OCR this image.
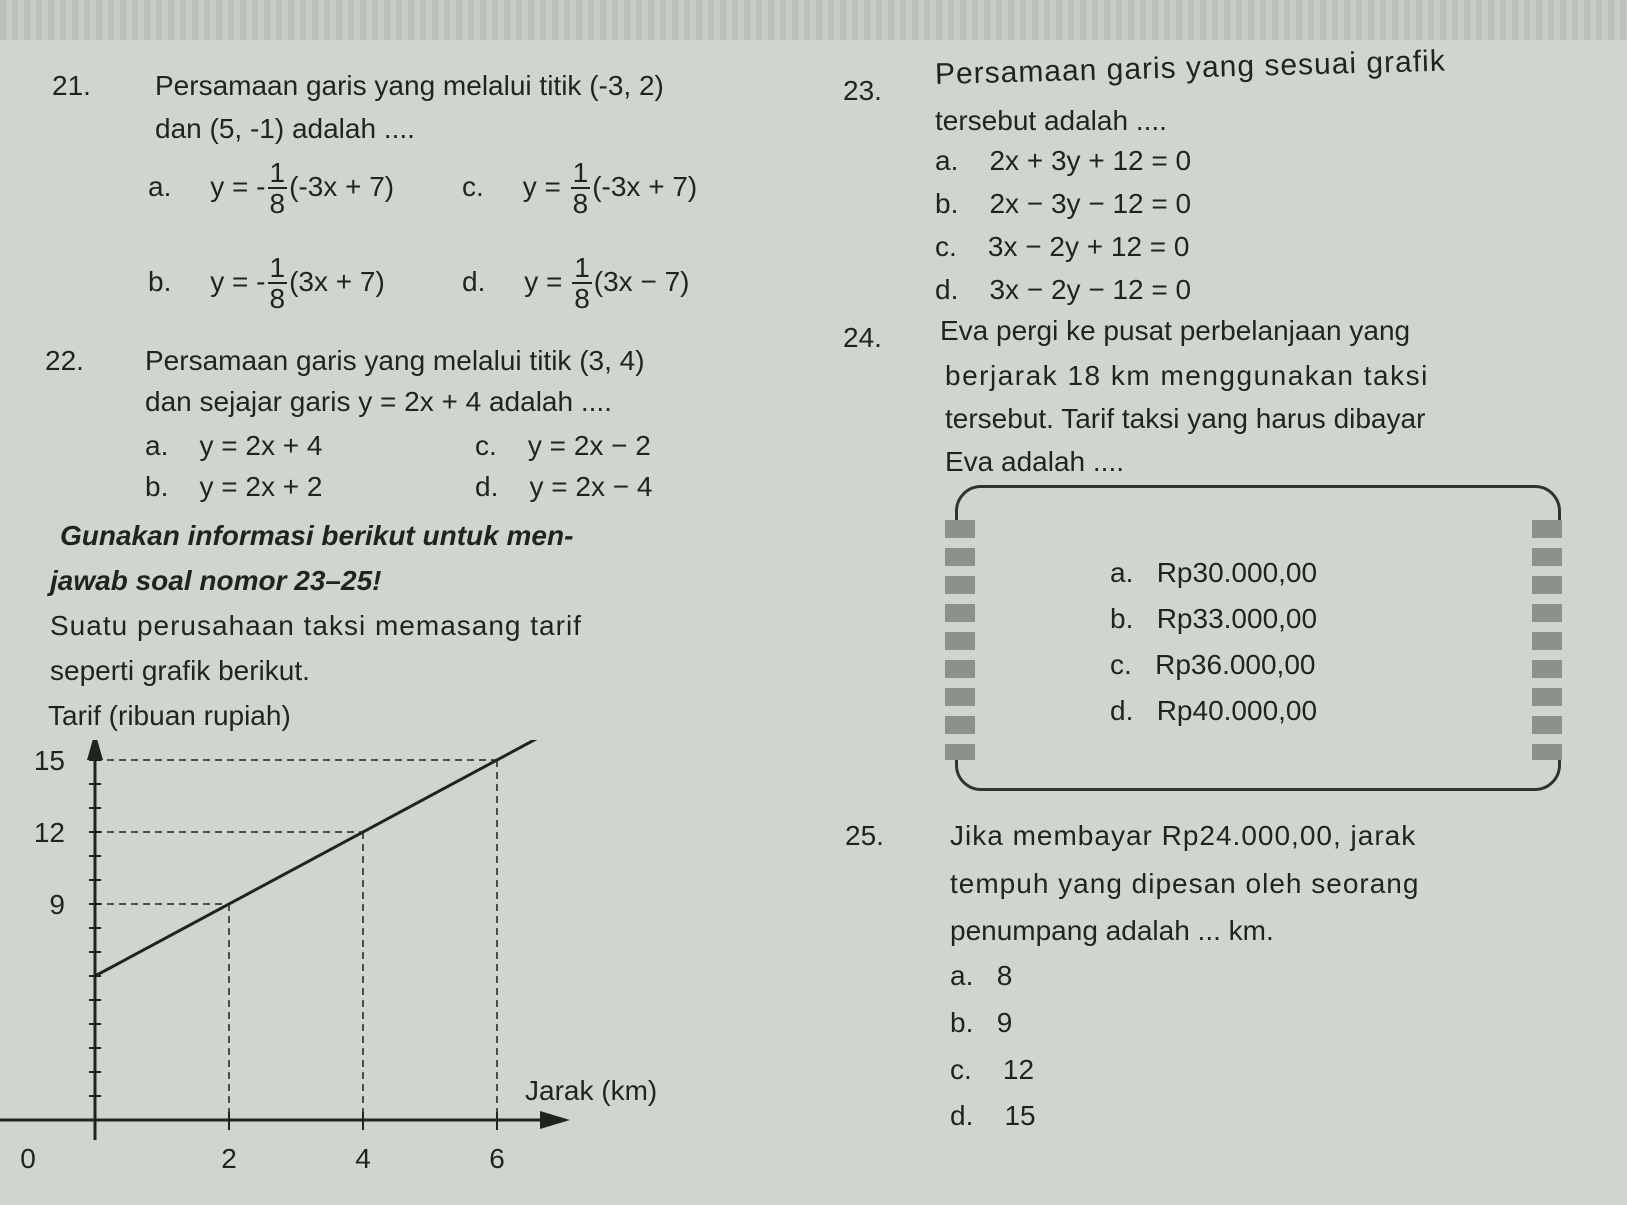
21. Persamaan garis yang melalui titik (-3, 2)
dan (5, -1) adalah ....
a. y = - $\frac{1}{8} (-3x + 7)$ c. $y = \frac{1}{8} (-3x + 7)$
b. y = - $\frac{1}{8} (3x + 7)$	d. $y = \frac{1}{8} (3x - 7)$
22. Persamaan garis yang melalui titik (3, 4)
dan sejajar garis y = 2x + 4 adalah ....
a. y = 2x + 4	c. y = 2x − 2
b. y = 2x + 2	d. y = 2x − 4
Gunakan informasi berikut untuk men-
jawab soal nomor 23–25!
Suatu perusahaan taksi memasang tarif
seperti grafik berikut.
Tarif (ribuan rupiah)
9
12
15
0	2	4	6
Jarak (km)
23. Persamaan garis yang sesuai grafik
tersebut adalah ....
a. 2x + 3y + 12 = 0
b. 2x − 3y − 12 = 0
c. 3x − 2y + 12 = 0
d. 3x − 2y − 12 = 0
24. Eva pergi ke pusat perbelanjaan yang
berjarak 18 km menggunakan taksi
tersebut. Tarif taksi yang harus dibayar
Eva adalah ....
a. Rp30.000,00
b. Rp33.000,00
c. Rp36.000,00
d. Rp40.000,00
25. Jika membayar Rp24.000,00, jarak
tempuh yang dipesan oleh seorang
penumpang adalah ... km.
a. 8
b. 9
c. 12
d. 15
